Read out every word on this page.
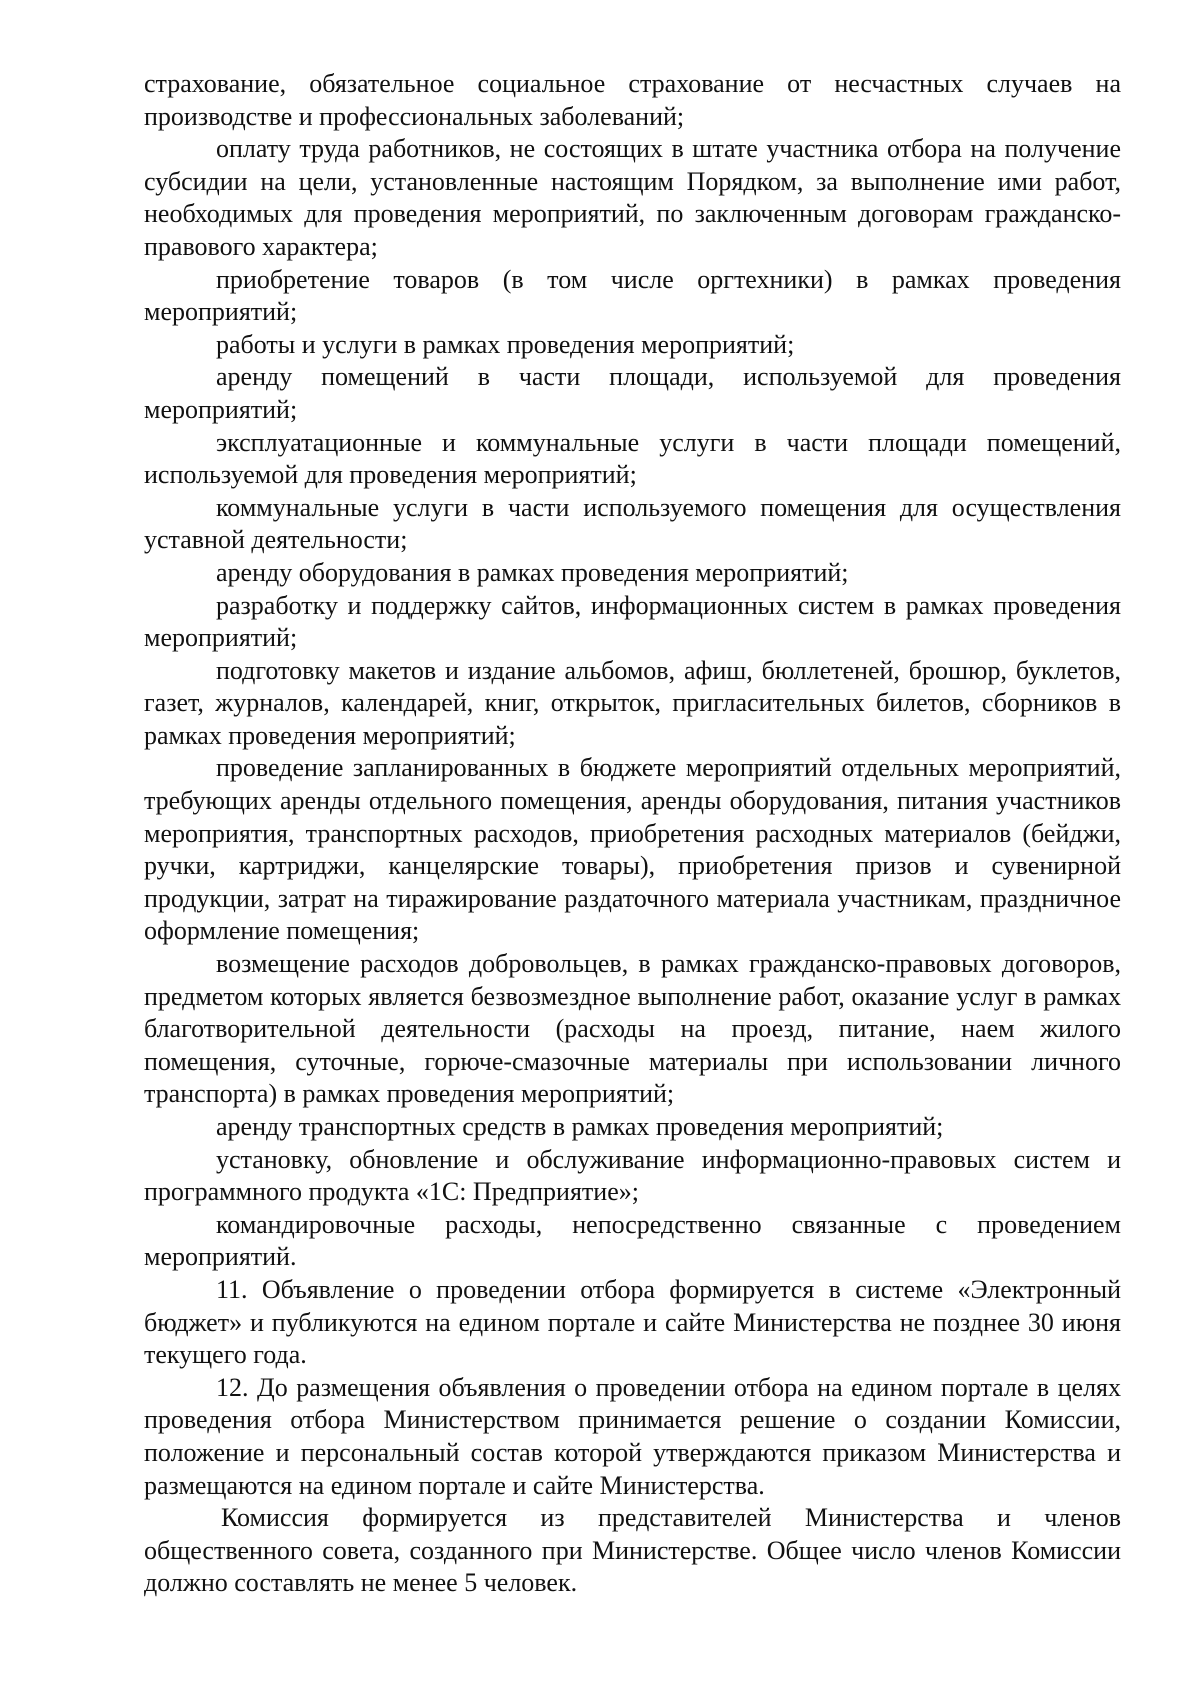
страхование, обязательное социальное страхование от несчастных случаев на производстве и профессиональных заболеваний;

оплату труда работников, не состоящих в штате участника отбора на получение субсидии на цели, установленные настоящим Порядком, за выполнение ими работ, необходимых для проведения мероприятий, по заключенным договорам гражданско-правового характера;

приобретение товаров (в том числе оргтехники) в рамках проведения мероприятий;

работы и услуги в рамках проведения мероприятий;

аренду помещений в части площади, используемой для проведения мероприятий;

эксплуатационные и коммунальные услуги в части площади помещений, используемой для проведения мероприятий;

коммунальные услуги в части используемого помещения для осуществления уставной деятельности;

аренду оборудования в рамках проведения мероприятий;

разработку и поддержку сайтов, информационных систем в рамках проведения мероприятий;

подготовку макетов и издание альбомов, афиш, бюллетеней, брошюр, буклетов, газет, журналов, календарей, книг, открыток, пригласительных билетов, сборников в рамках проведения мероприятий;

проведение запланированных в бюджете мероприятий отдельных мероприятий, требующих аренды отдельного помещения, аренды оборудования, питания участников мероприятия, транспортных расходов, приобретения расходных материалов (бейджи, ручки, картриджи, канцелярские товары), приобретения призов и сувенирной продукции, затрат на тиражирование раздаточного материала участникам, праздничное оформление помещения;

возмещение расходов добровольцев, в рамках гражданско-правовых договоров, предметом которых является безвозмездное выполнение работ, оказание услуг в рамках благотворительной деятельности (расходы на проезд, питание, наем жилого помещения, суточные, горюче-смазочные материалы при использовании личного транспорта) в рамках проведения мероприятий;

аренду транспортных средств в рамках проведения мероприятий;

установку, обновление и обслуживание информационно-правовых систем и программного продукта «1С: Предприятие»;

командировочные расходы, непосредственно связанные с проведением мероприятий.

11. Объявление о проведении отбора формируется в системе «Электронный бюджет» и публикуются на едином портале и сайте Министерства не позднее 30 июня текущего года.

12. До размещения объявления о проведении отбора на едином портале в целях проведения отбора Министерством принимается решение о создании Комиссии, положение и персональный состав которой утверждаются приказом Министерства и размещаются на едином портале и сайте Министерства.

Комиссия формируется из представителей Министерства и членов общественного совета, созданного при Министерстве. Общее число членов Комиссии должно составлять не менее 5 человек.
